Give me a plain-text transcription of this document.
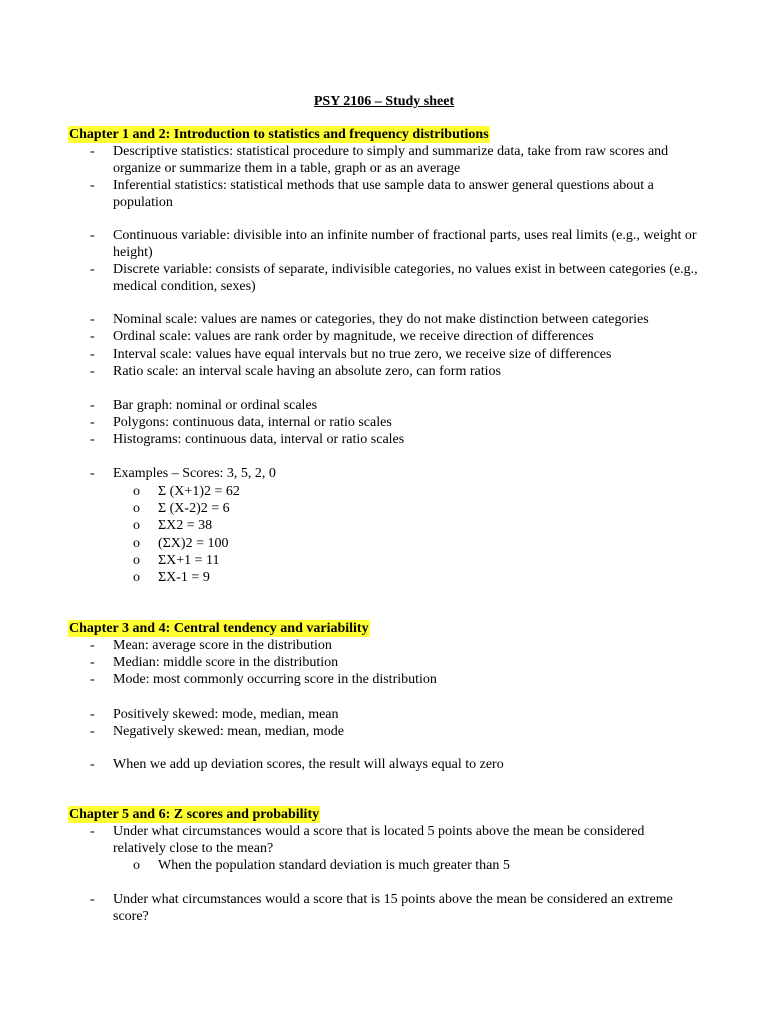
PSY 2106 – Study sheet
Chapter 1 and 2: Introduction to statistics and frequency distributions
- Descriptive statistics: statistical procedure to simply and summarize data, take from raw scores and organize or summarize them in a table, graph or as an average
- Inferential statistics: statistical methods that use sample data to answer general questions about a population
- Continuous variable: divisible into an infinite number of fractional parts, uses real limits (e.g., weight or height)
- Discrete variable: consists of separate, indivisible categories, no values exist in between categories (e.g., medical condition, sexes)
- Nominal scale: values are names or categories, they do not make distinction between categories
- Ordinal scale: values are rank order by magnitude, we receive direction of differences
- Interval scale: values have equal intervals but no true zero, we receive size of differences
- Ratio scale: an interval scale having an absolute zero, can form ratios
- Bar graph: nominal or ordinal scales
- Polygons: continuous data, internal or ratio scales
- Histograms: continuous data, interval or ratio scales
- Examples – Scores: 3, 5, 2, 0
o Σ (X+1)2 = 62
o Σ (X-2)2 = 6
o ΣX2 = 38
o (ΣX)2 = 100
o ΣX+1 = 11
o ΣX-1 = 9
Chapter 3 and 4: Central tendency and variability
- Mean: average score in the distribution
- Median: middle score in the distribution
- Mode: most commonly occurring score in the distribution
- Positively skewed: mode, median, mean
- Negatively skewed: mean, median, mode
- When we add up deviation scores, the result will always equal to zero
Chapter 5 and 6: Z scores and probability
- Under what circumstances would a score that is located 5 points above the mean be considered relatively close to the mean?
o When the population standard deviation is much greater than 5
- Under what circumstances would a score that is 15 points above the mean be considered an extreme score?
